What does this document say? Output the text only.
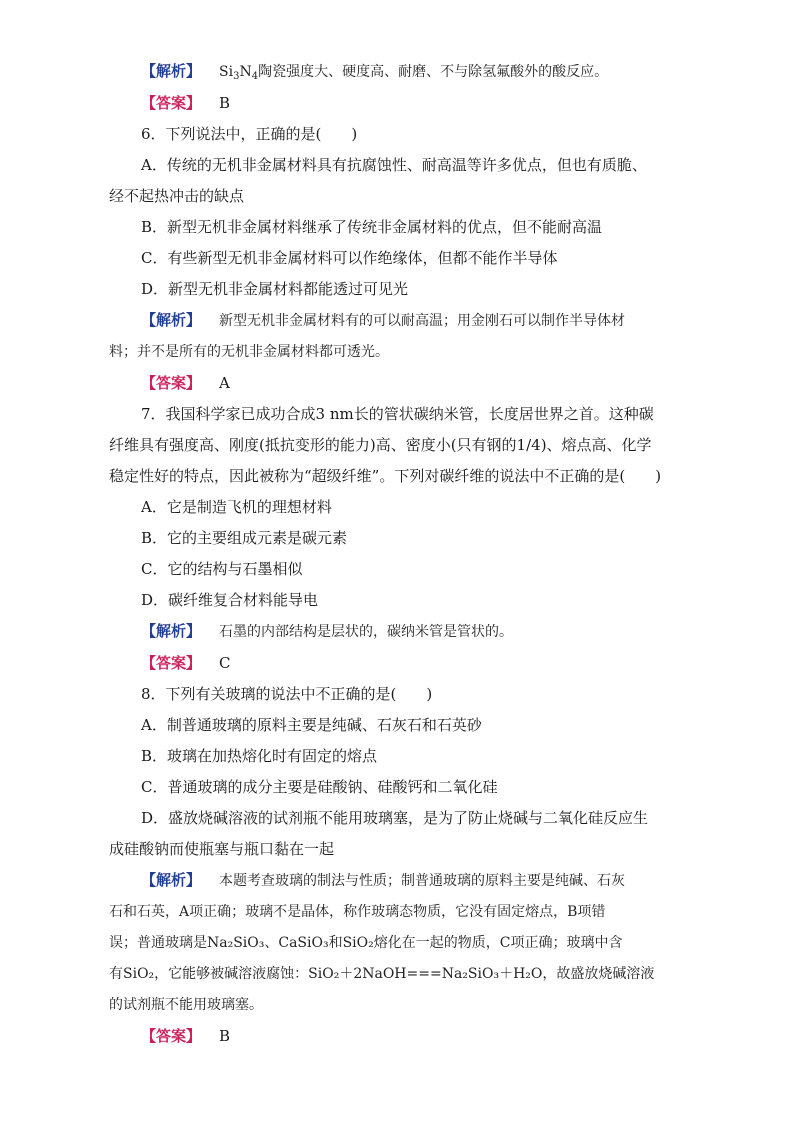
【解析】 $Si_3N_4$陶瓷强度大、硬度高、耐磨、不与除氢氟酸外的酸反应。
【答案】 B
6．下列说法中，正确的是(　　)
A．传统的无机非金属材料具有抗腐蚀性、耐高温等许多优点，但也有质脆、
经不起热冲击的缺点
B．新型无机非金属材料继承了传统非金属材料的优点，但不能耐高温
C．有些新型无机非金属材料可以作绝缘体，但都不能作半导体
D．新型无机非金属材料都能透过可见光
【解析】 新型无机非金属材料有的可以耐高温；用金刚石可以制作半导体材
料；并不是所有的无机非金属材料都可透光。
【答案】 A
7．我国科学家已成功合成3 nm长的管状碳纳米管，长度居世界之首。这种碳
纤维具有强度高、刚度(抵抗变形的能力)高、密度小(只有钢的1/4)、熔点高、化学
稳定性好的特点，因此被称为“超级纤维”。下列对碳纤维的说法中不正确的是(　　)
A．它是制造飞机的理想材料
B．它的主要组成元素是碳元素
C．它的结构与石墨相似
D．碳纤维复合材料能导电
【解析】 石墨的内部结构是层状的，碳纳米管是管状的。
【答案】 C
8．下列有关玻璃的说法中不正确的是(　　)
A．制普通玻璃的原料主要是纯碱、石灰石和石英砂
B．玻璃在加热熔化时有固定的熔点
C．普通玻璃的成分主要是硅酸钠、硅酸钙和二氧化硅
D．盛放烧碱溶液的试剂瓶不能用玻璃塞，是为了防止烧碱与二氧化硅反应生
成硅酸钠而使瓶塞与瓶口黏在一起
【解析】 本题考查玻璃的制法与性质；制普通玻璃的原料主要是纯碱、石灰
石和石英，A项正确；玻璃不是晶体，称作玻璃态物质，它没有固定熔点，B项错
误；普通玻璃是Na₂SiO₃、CaSiO₃和SiO₂熔化在一起的物质，C项正确；玻璃中含
有SiO₂，它能够被碱溶液腐蚀：SiO₂＋2NaOH===Na₂SiO₃＋H₂O，故盛放烧碱溶液
的试剂瓶不能用玻璃塞。
【答案】 B
